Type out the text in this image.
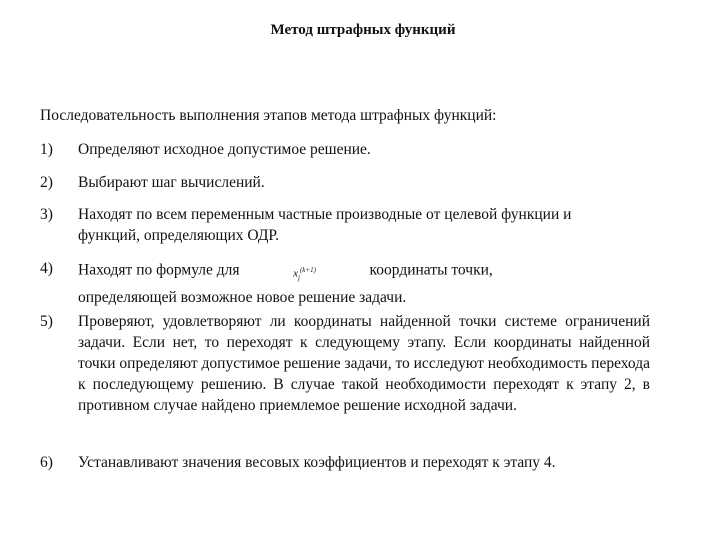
Метод штрафных функций
Последовательность выполнения этапов метода штрафных функций:
1) Определяют исходное допустимое решение.
2) Выбирают шаг вычислений.
3) Находят по всем переменным частные производные от целевой функции и
функций, определяющих ОДР.
4) Находят по формуле для	$x_j^{(k+1)}$	координаты точки,
определяющей возможное новое решение задачи.
5) Проверяют, удовлетворяют ли координаты найденной точки системе ограничений задачи. Если нет, то переходят к следующему этапу. Если координаты найденной точки определяют допустимое решение задачи, то исследуют необходимость перехода к последующему решению. В случае такой необходимости переходят к этапу 2, в противном случае найдено приемлемое решение исходной задачи.
6) Устанавливают значения весовых коэффициентов и переходят к этапу 4.
